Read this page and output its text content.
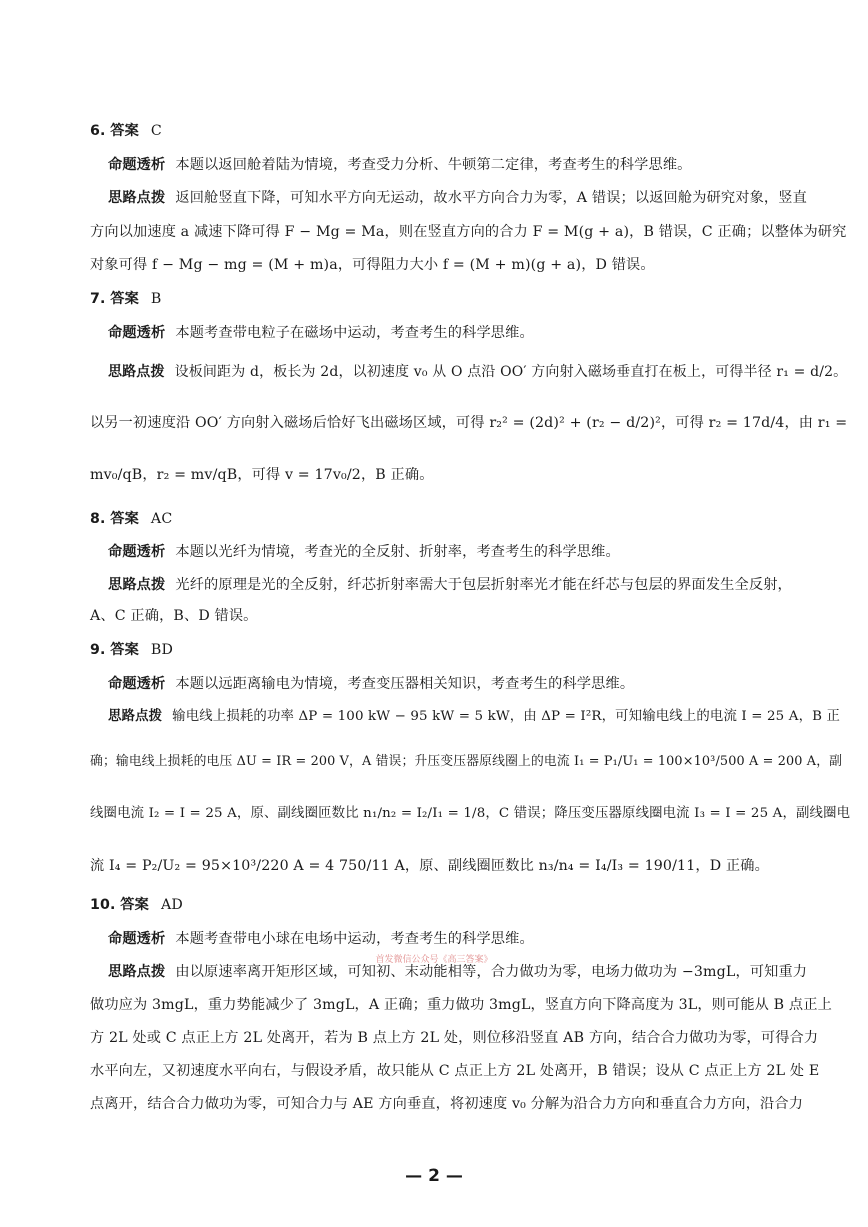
6. 答案 C
命题透析 本题以返回舱着陆为情境，考查受力分析、牛顿第二定律，考查考生的科学思维。
思路点拨 返回舱竖直下降，可知水平方向无运动，故水平方向合力为零，A 错误；以返回舱为研究对象，竖直
方向以加速度 a 减速下降可得 F − Mg = Ma，则在竖直方向的合力 F = M(g + a)，B 错误，C 正确；以整体为研究
对象可得 f − Mg − mg = (M + m)a，可得阻力大小 f = (M + m)(g + a)，D 错误。
7. 答案 B
命题透析 本题考查带电粒子在磁场中运动，考查考生的科学思维。
思路点拨 设板间距为 d，板长为 2d，以初速度 v₀ 从 O 点沿 OO′ 方向射入磁场垂直打在板上，可得半径 r₁ = d/2。
以另一初速度沿 OO′ 方向射入磁场后恰好飞出磁场区域，可得 r₂² = (2d)² + (r₂ − d/2)²，可得 r₂ = 17d/4，由 r₁ =
mv₀/qB，r₂ = mv/qB，可得 v = 17v₀/2，B 正确。
8. 答案 AC
命题透析 本题以光纤为情境，考查光的全反射、折射率，考查考生的科学思维。
思路点拨 光纤的原理是光的全反射，纤芯折射率需大于包层折射率光才能在纤芯与包层的界面发生全反射，
A、C 正确，B、D 错误。
9. 答案 BD
命题透析 本题以远距离输电为情境，考查变压器相关知识，考查考生的科学思维。
思路点拨 输电线上损耗的功率 ΔP = 100 kW − 95 kW = 5 kW，由 ΔP = I²R，可知输电线上的电流 I = 25 A，B 正
确；输电线上损耗的电压 ΔU = IR = 200 V，A 错误；升压变压器原线圈上的电流 I₁ = P₁/U₁ = 100×10³/500 A = 200 A，副
线圈电流 I₂ = I = 25 A，原、副线圈匝数比 n₁/n₂ = I₂/I₁ = 1/8，C 错误；降压变压器原线圈电流 I₃ = I = 25 A，副线圈电
流 I₄ = P₂/U₂ = 95×10³/220 A = 4 750/11 A，原、副线圈匝数比 n₃/n₄ = I₄/I₃ = 190/11，D 正确。
10. 答案 AD
命题透析 本题考查带电小球在电场中运动，考查考生的科学思维。
首发微信公众号《高三答案》
思路点拨 由以原速率离开矩形区域，可知初、末动能相等，合力做功为零，电场力做功为 −3mgL，可知重力
做功应为 3mgL，重力势能减少了 3mgL，A 正确；重力做功 3mgL，竖直方向下降高度为 3L，则可能从 B 点正上
方 2L 处或 C 点正上方 2L 处离开，若为 B 点上方 2L 处，则位移沿竖直 AB 方向，结合合力做功为零，可得合力
水平向左，又初速度水平向右，与假设矛盾，故只能从 C 点正上方 2L 处离开，B 错误；设从 C 点正上方 2L 处 E
点离开，结合合力做功为零，可知合力与 AE 方向垂直，将初速度 v₀ 分解为沿合力方向和垂直合力方向，沿合力
— 2 —
